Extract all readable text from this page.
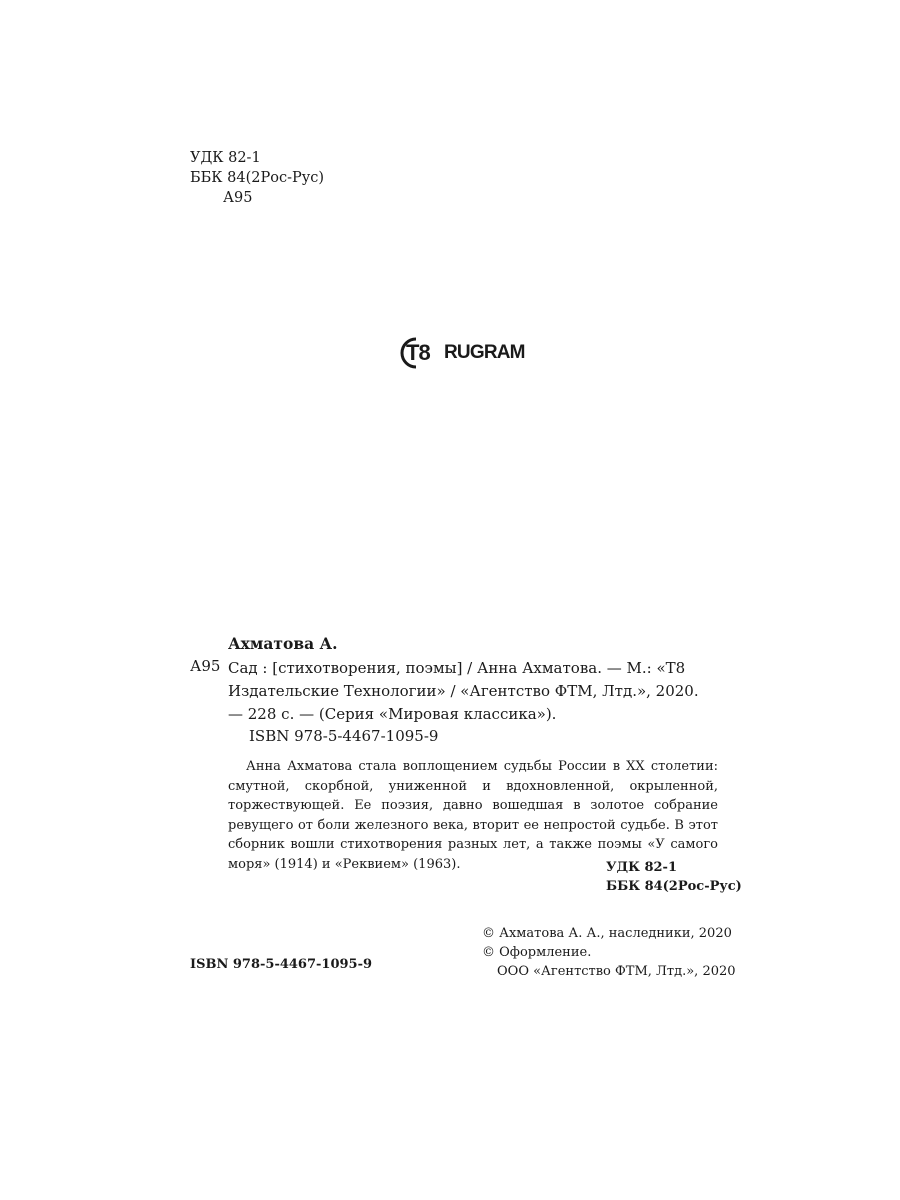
УДК 82-1
ББК 84(2Рос-Рус)
А95
T8 RUGRAM
Ахматова А.
А95 Сад : [стихотворения, поэмы] / Анна Ахматова. — М.: «Т8 Издательские Технологии» / «Агентство ФТМ, Лтд.», 2020. — 228 с. — (Серия «Мировая классика»).

ISBN 978-5-4467-1095-9

Анна Ахматова стала воплощением судьбы России в XX столетии: смутной, скорбной, униженной и вдохновленной, окрыленной, торжествующей. Ее поэзия, давно вошедшая в золотое собрание ревущего от боли железного века, вторит ее непростой судьбе. В этот сборник вошли стихотворения разных лет, а также поэмы «У самого моря» (1914) и «Реквием» (1963).	УДК 82-1
ББК 84(2Рос-Рус)
© Ахматова А. А., наследники, 2020
© Оформление.
ООО «Агентство ФТМ, Лтд.», 2020
ISBN 978-5-4467-1095-9
